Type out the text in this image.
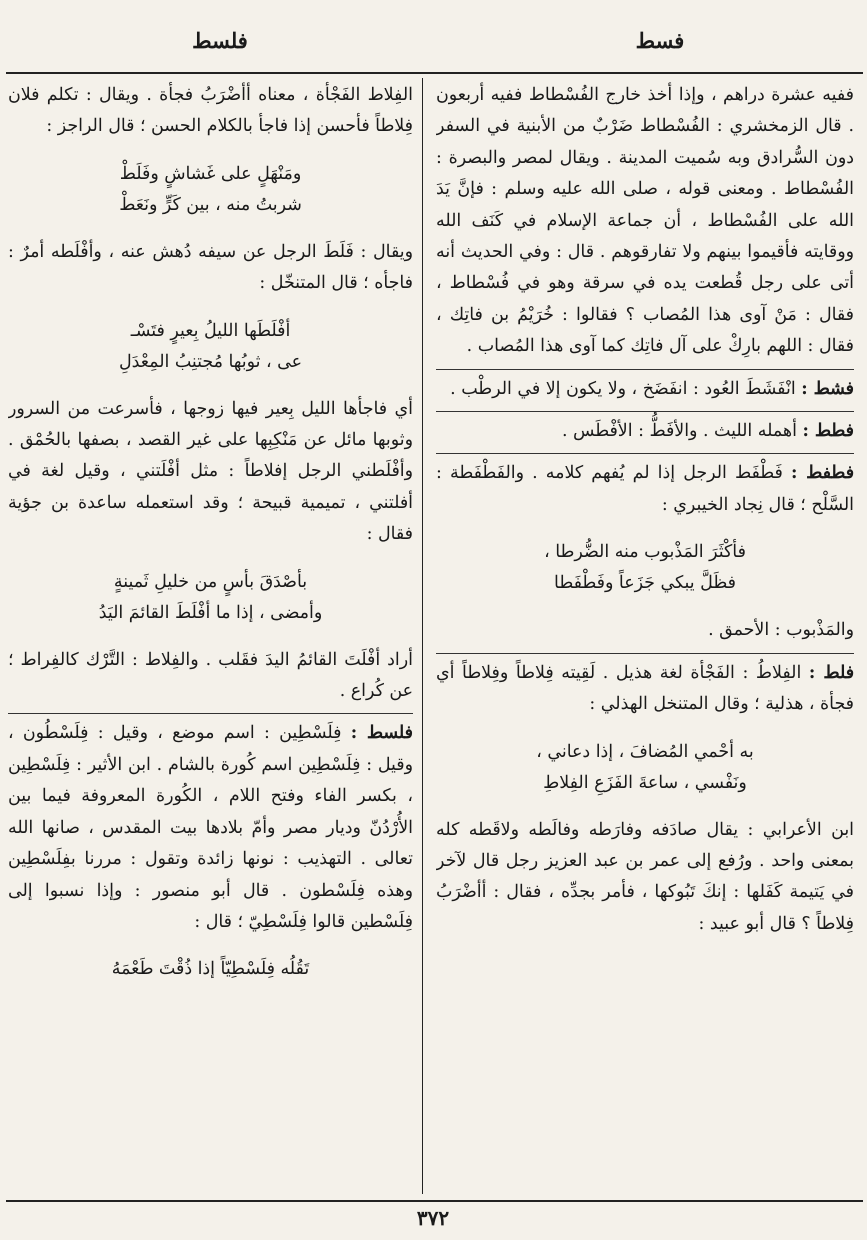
فسط
فلسط

ففيه عشرة دراهم ، وإذا أخذ خارج الفُسْطاط ففيه أربعون . قال الزمخشري : الفُسْطاط ضَرْبٌ من الأبنية في السفر دون السُّرادق وبه سُميت المدينة . ويقال لمصر والبصرة : الفُسْطاط . ومعنى قوله ، صلى الله عليه وسلم : فإنَّ يَدَ الله على الفُسْطاط ، أن جماعة الإسلام في كَنَف الله ووقايته فأقيموا بينهم ولا تفارقوهم . قال : وفي الحديث أنه أتى على رجل قُطعت يده في سرقة وهو في فُسْطاط ، فقال : مَنْ آوى هذا المُصاب ؟ فقالوا : خُرَيْمُ بن فاتِك ، فقال : اللهم بارِكْ على آل فاتِك كما آوى هذا المُصاب .

فشط : انْفَشَطَ العُود : انفَضَخ ، ولا يكون إلا في الرطْب .

فطط : أهمله الليث . والأفَطُّ : الأفْطَس .

فطفط : فَطْفَط الرجل إذا لم يُفهم كلامه . والفَطْفَطة : السَّلْح ؛ قال نِجاد الخيبري :

فأكْثَرَ المَذْبوب منه الضُّرطا ،

فظَلَّ يبكي جَزَعاً وفَطْفَطا

والمَذْبوب : الأحمق .

فلط : الفِلاطُ : الفَجْأة لغة هذيل . لَقِيته فِلاطاً وفِلاطاً أي فجأة ، هذلية ؛ وقال المتنخل الهذلي :

به أحْمي المُضافَ ، إذا دعاني ،

ونَفْسي ، ساعةَ الفَزَعِ الفِلاطِ

ابن الأعرابي : يقال صادَفه وفارَطه وفالَطه ولاقَطه كله بمعنى واحد . ورُفع إلى عمر بن عبد العزيز رجل قال لآخر في يَتيمة كَفَلها : إنكَ تَبُوكها ، فأمر بجدِّه ، فقال : أأضْرَبُ فِلاطاً ؟ قال أبو عبيد :

الفِلاط الفَجْأة ، معناه أأضْرَبُ فجأة . ويقال : تكلم فلان فِلاطاً فأحسن إذا فاجأ بالكلام الحسن ؛ قال الراجز :

ومَنْهَلٍ على غَشاشٍ وفَلَطْ

شربتُ منه ، بين كَرٍّ ونَعَطْ

ويقال : فَلَطَ الرجل عن سيفه دُهش عنه ، وأفْلَطه أمرٌ : فاجأه ؛ قال المتنخّل :

أفْلَطَها الليلُ بِعيرٍ فتَسْـ

عى ، ثوبُها مُجتنِبُ المِعْدَلِ

أي فاجأها الليل بِعير فيها زوجها ، فأسرعت من السرور وثوبها مائل عن مَنْكِبِها على غير القصد ، بصفها بالحُمْق . وأفْلَطني الرجل إفلاطاً : مثل أفْلَتني ، وقيل لغة في أفلتني ، تميمية قبيحة ؛ وقد استعمله ساعدة بن جؤية فقال :

بأصْدَقَ بأسٍ من خليلِ ثَمينةٍ

وأمضى ، إذا ما أفْلَطَ القائمَ اليَدُ

أراد أفْلَتَ القائمُ اليدَ فقَلب . والفِلاط : التَّرْك كالفِراط ؛ عن كُراع .

فلسط : فِلَسْطِين : اسم موضع ، وقيل : فِلَسْطُون ، وقيل : فِلَسْطِين اسم كُورة بالشام . ابن الأثير : فِلَسْطِين ، بكسر الفاء وفتح اللام ، الكُورة المعروفة فيما بين الأُرْدُنّ وديار مصر وأمّ بلادها بيت المقدس ، صانها الله تعالى . التهذيب : نونها زائدة وتقول : مررنا بفِلَسْطِين وهذه فِلَسْطون . قال أبو منصور : وإذا نسبوا إلى فِلَسْطين قالوا فِلَسْطِيّ ؛ قال :

تَقُلُه فِلَسْطِيّاً إذا ذُقْتَ طَعْمَهُ

٣٧٢
